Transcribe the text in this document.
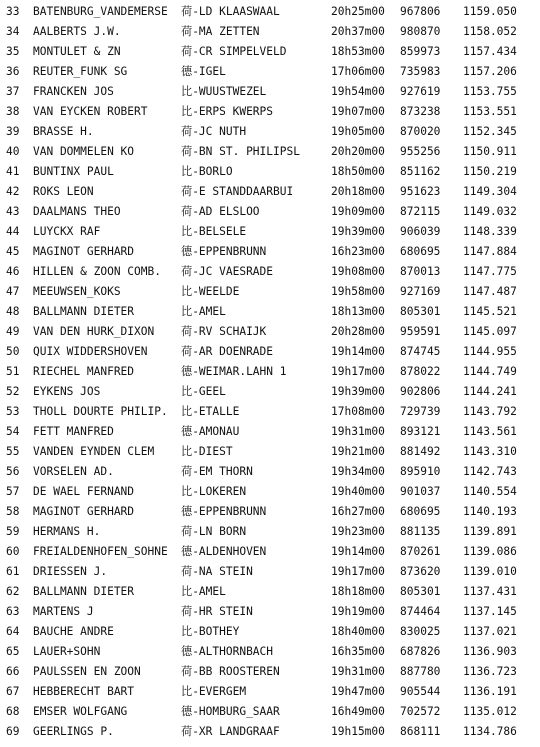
33 BATENBURG_VANDEMERSE 荷-LD KLAASWAAL	20h25m00 967806 1159.050
34 AALBERTS J.W.	荷-MA ZETTEN	20h37m00 980870 1158.052
35 MONTULET & ZN	荷-CR SIMPELVELD	18h53m00 859973 1157.434
36 REUTER_FUNK SG	德-IGEL	17h06m00 735983 1157.206
37 FRANCKEN JOS	比-WUUSTWEZEL	19h54m00 927619 1153.755
38 VAN EYCKEN ROBERT	比-ERPS KWERPS	19h07m00 873238 1153.551
39 BRASSE H.	荷-JC NUTH	19h05m00 870020 1152.345
40 VAN DOMMELEN KO	荷-BN ST. PHILIPSL	20h20m00 955256 1150.911
41 BUNTINX PAUL	比-BORLO	18h50m00 851162 1150.219
42 ROKS LEON	荷-E STANDDAARBUI	20h18m00 951623 1149.304
43 DAALMANS THEO	荷-AD ELSLOO	19h09m00 872115 1149.032
44 LUYCKX RAF	比-BELSELE	19h39m00 906039 1148.339
45 MAGINOT GERHARD	德-EPPENBRUNN	16h23m00 680695 1147.884
46 HILLEN & ZOON COMB. 荷-JC VAESRADE	19h08m00 870013 1147.775
47 MEEUWSEN_KOKS	比-WEELDE	19h58m00 927169 1147.487
48 BALLMANN DIETER	比-AMEL	18h13m00 805301 1145.521
49 VAN DEN HURK_DIXON 荷-RV SCHAIJK	20h28m00 959591 1145.097
50 QUIX WIDDERSHOVEN	荷-AR DOENRADE	19h14m00 874745 1144.955
51 RIECHEL MANFRED	德-WEIMAR.LAHN 1	19h17m00 878022 1144.749
52 EYKENS JOS	比-GEEL	19h39m00 902806 1144.241
53 THOLL DOURTE PHILIP. 比-ETALLE	17h08m00 729739 1143.792
54 FETT MANFRED	德-AMONAU	19h31m00 893121 1143.561
55 VANDEN EYNDEN CLEM 比-DIEST	19h21m00 881492 1143.310
56 VORSELEN AD.	荷-EM THORN	19h34m00 895910 1142.743
57 DE WAEL FERNAND	比-LOKEREN	19h40m00 901037 1140.554
58 MAGINOT GERHARD	德-EPPENBRUNN	16h27m00 680695 1140.193
59 HERMANS H.	荷-LN BORN	19h23m00 881135 1139.891
60 FREIALDENHOFEN_SOHNE 德-ALDENHOVEN	19h14m00 870261 1139.086
61 DRIESSEN J.	荷-NA STEIN	19h17m00 873620 1139.010
62 BALLMANN DIETER	比-AMEL	18h18m00 805301 1137.431
63 MARTENS J	荷-HR STEIN	19h19m00 874464 1137.145
64 BAUCHE ANDRE	比-BOTHEY	18h40m00 830025 1137.021
65 LAUER+SOHN	德-ALTHORNBACH	16h35m00 687826 1136.903
66 PAULSSEN EN ZOON	荷-BB ROOSTEREN	19h31m00 887780 1136.723
67 HEBBERECHT BART	比-EVERGEM	19h47m00 905544 1136.191
68 EMSER WOLFGANG	德-HOMBURG_SAAR	16h49m00 702572 1135.012
69 GEERLINGS P.	荷-XR LANDGRAAF	19h15m00 868111 1134.786
